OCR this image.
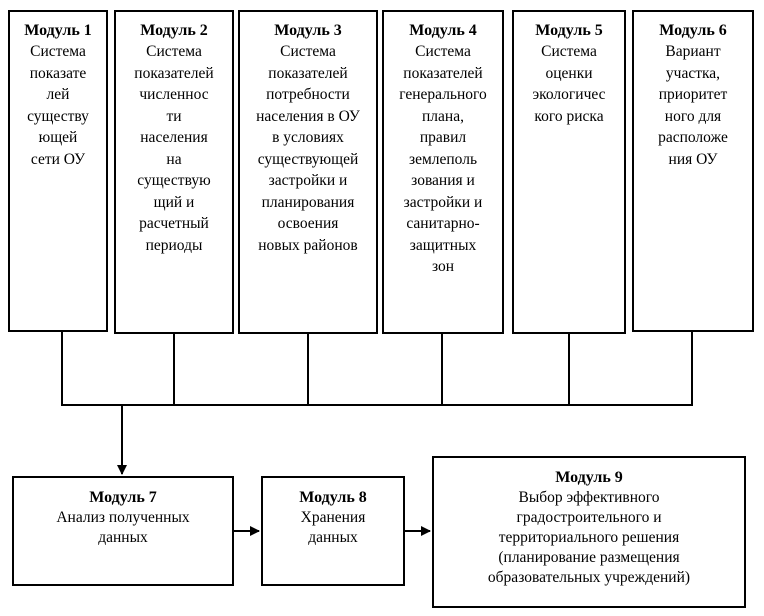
Модуль 1
Система
показате
лей
существу
ющей
сети ОУ
Модуль 2
Система
показателей
численнос
ти
населения
на
существую
щий и
расчетный
периоды
Модуль 3
Система
показателей
потребности
населения в ОУ
в условиях
существующей
застройки и
планирования
освоения
новых районов
Модуль 4
Система
показателей
генерального
плана,
правил
землеполь
зования и
застройки и
санитарно-
защитных
зон
Модуль 5
Система
оценки
экологичес
кого риска
Модуль 6
Вариант
участка,
приоритет
ного для
расположе
ния ОУ
Модуль 7
Анализ полученных
данных
Модуль 8
Хранения
данных
Модуль 9
Выбор эффективного
градостроительного и
территориального решения
(планирование размещения
образовательных учреждений)
